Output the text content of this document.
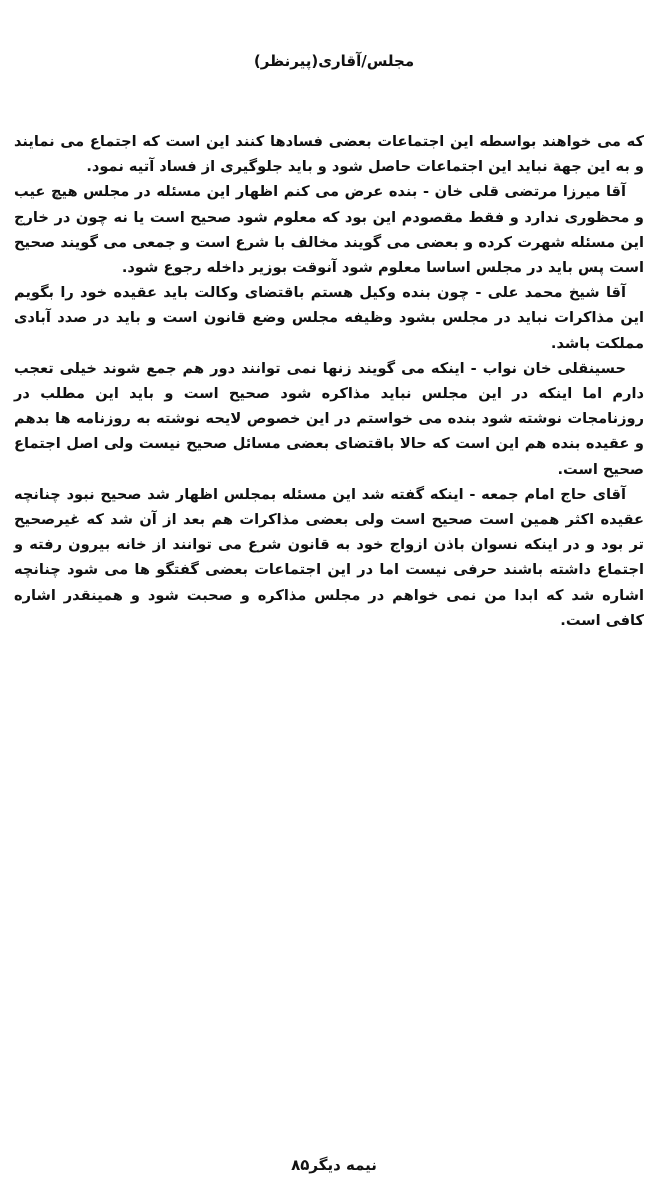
مجلس/آقاری(پیرنظر)

که می خواهند بواسطه این اجتماعات بعضی فسادها کنند این است که اجتماع می نمایند و به این جهة نباید این اجتماعات حاصل شود و باید جلوگیری از فساد آتیه نمود.

آقا میرزا مرتضی قلی خان - بنده عرض می کنم اظهار این مسئله در مجلس هیچ عیب و محظوری ندارد و فقط مقصودم این بود که معلوم شود صحیح است یا نه چون در خارج این مسئله شهرت کرده و بعضی می گویند مخالف با شرع است و جمعی می گویند صحیح است پس باید در مجلس اساسا معلوم شود آنوقت بوزیر داخله رجوع شود.

آقا شیخ محمد علی - چون بنده وکیل هستم باقتضای وکالت باید عقیده خود را بگویم این مذاکرات نباید در مجلس بشود وظیفه مجلس وضع قانون است و باید در صدد آبادی مملکت باشد.

حسینقلی خان نواب - اینکه می گویند زنها نمی توانند دور هم جمع شوند خیلی تعجب دارم اما اینکه در این مجلس نباید مذاکره شود صحیح است و باید این مطلب در روزنامجات نوشته شود بنده می خواستم در این خصوص لایحه نوشته به روزنامه ها بدهم و عقیده بنده هم این است که حالا باقتضای بعضی مسائل صحیح نیست ولی اصل اجتماع صحیح است.

آقای حاج امام جمعه - اینکه گفته شد این مسئله بمجلس اظهار شد صحیح نبود چنانچه عقیده اکثر همین است صحیح است ولی بعضی مذاکرات هم بعد از آن شد که غیرصحیح تر بود و در اینکه نسوان باذن ازواج خود به قانون شرع می توانند از خانه بیرون رفته و اجتماع داشته باشند حرفی نیست اما در این اجتماعات بعضی گفتگو ها می شود چنانچه اشاره شد که ابدا من نمی خواهم در مجلس مذاکره و صحبت شود و همینقدر اشاره کافی است.

نیمه دیگر۸۵
